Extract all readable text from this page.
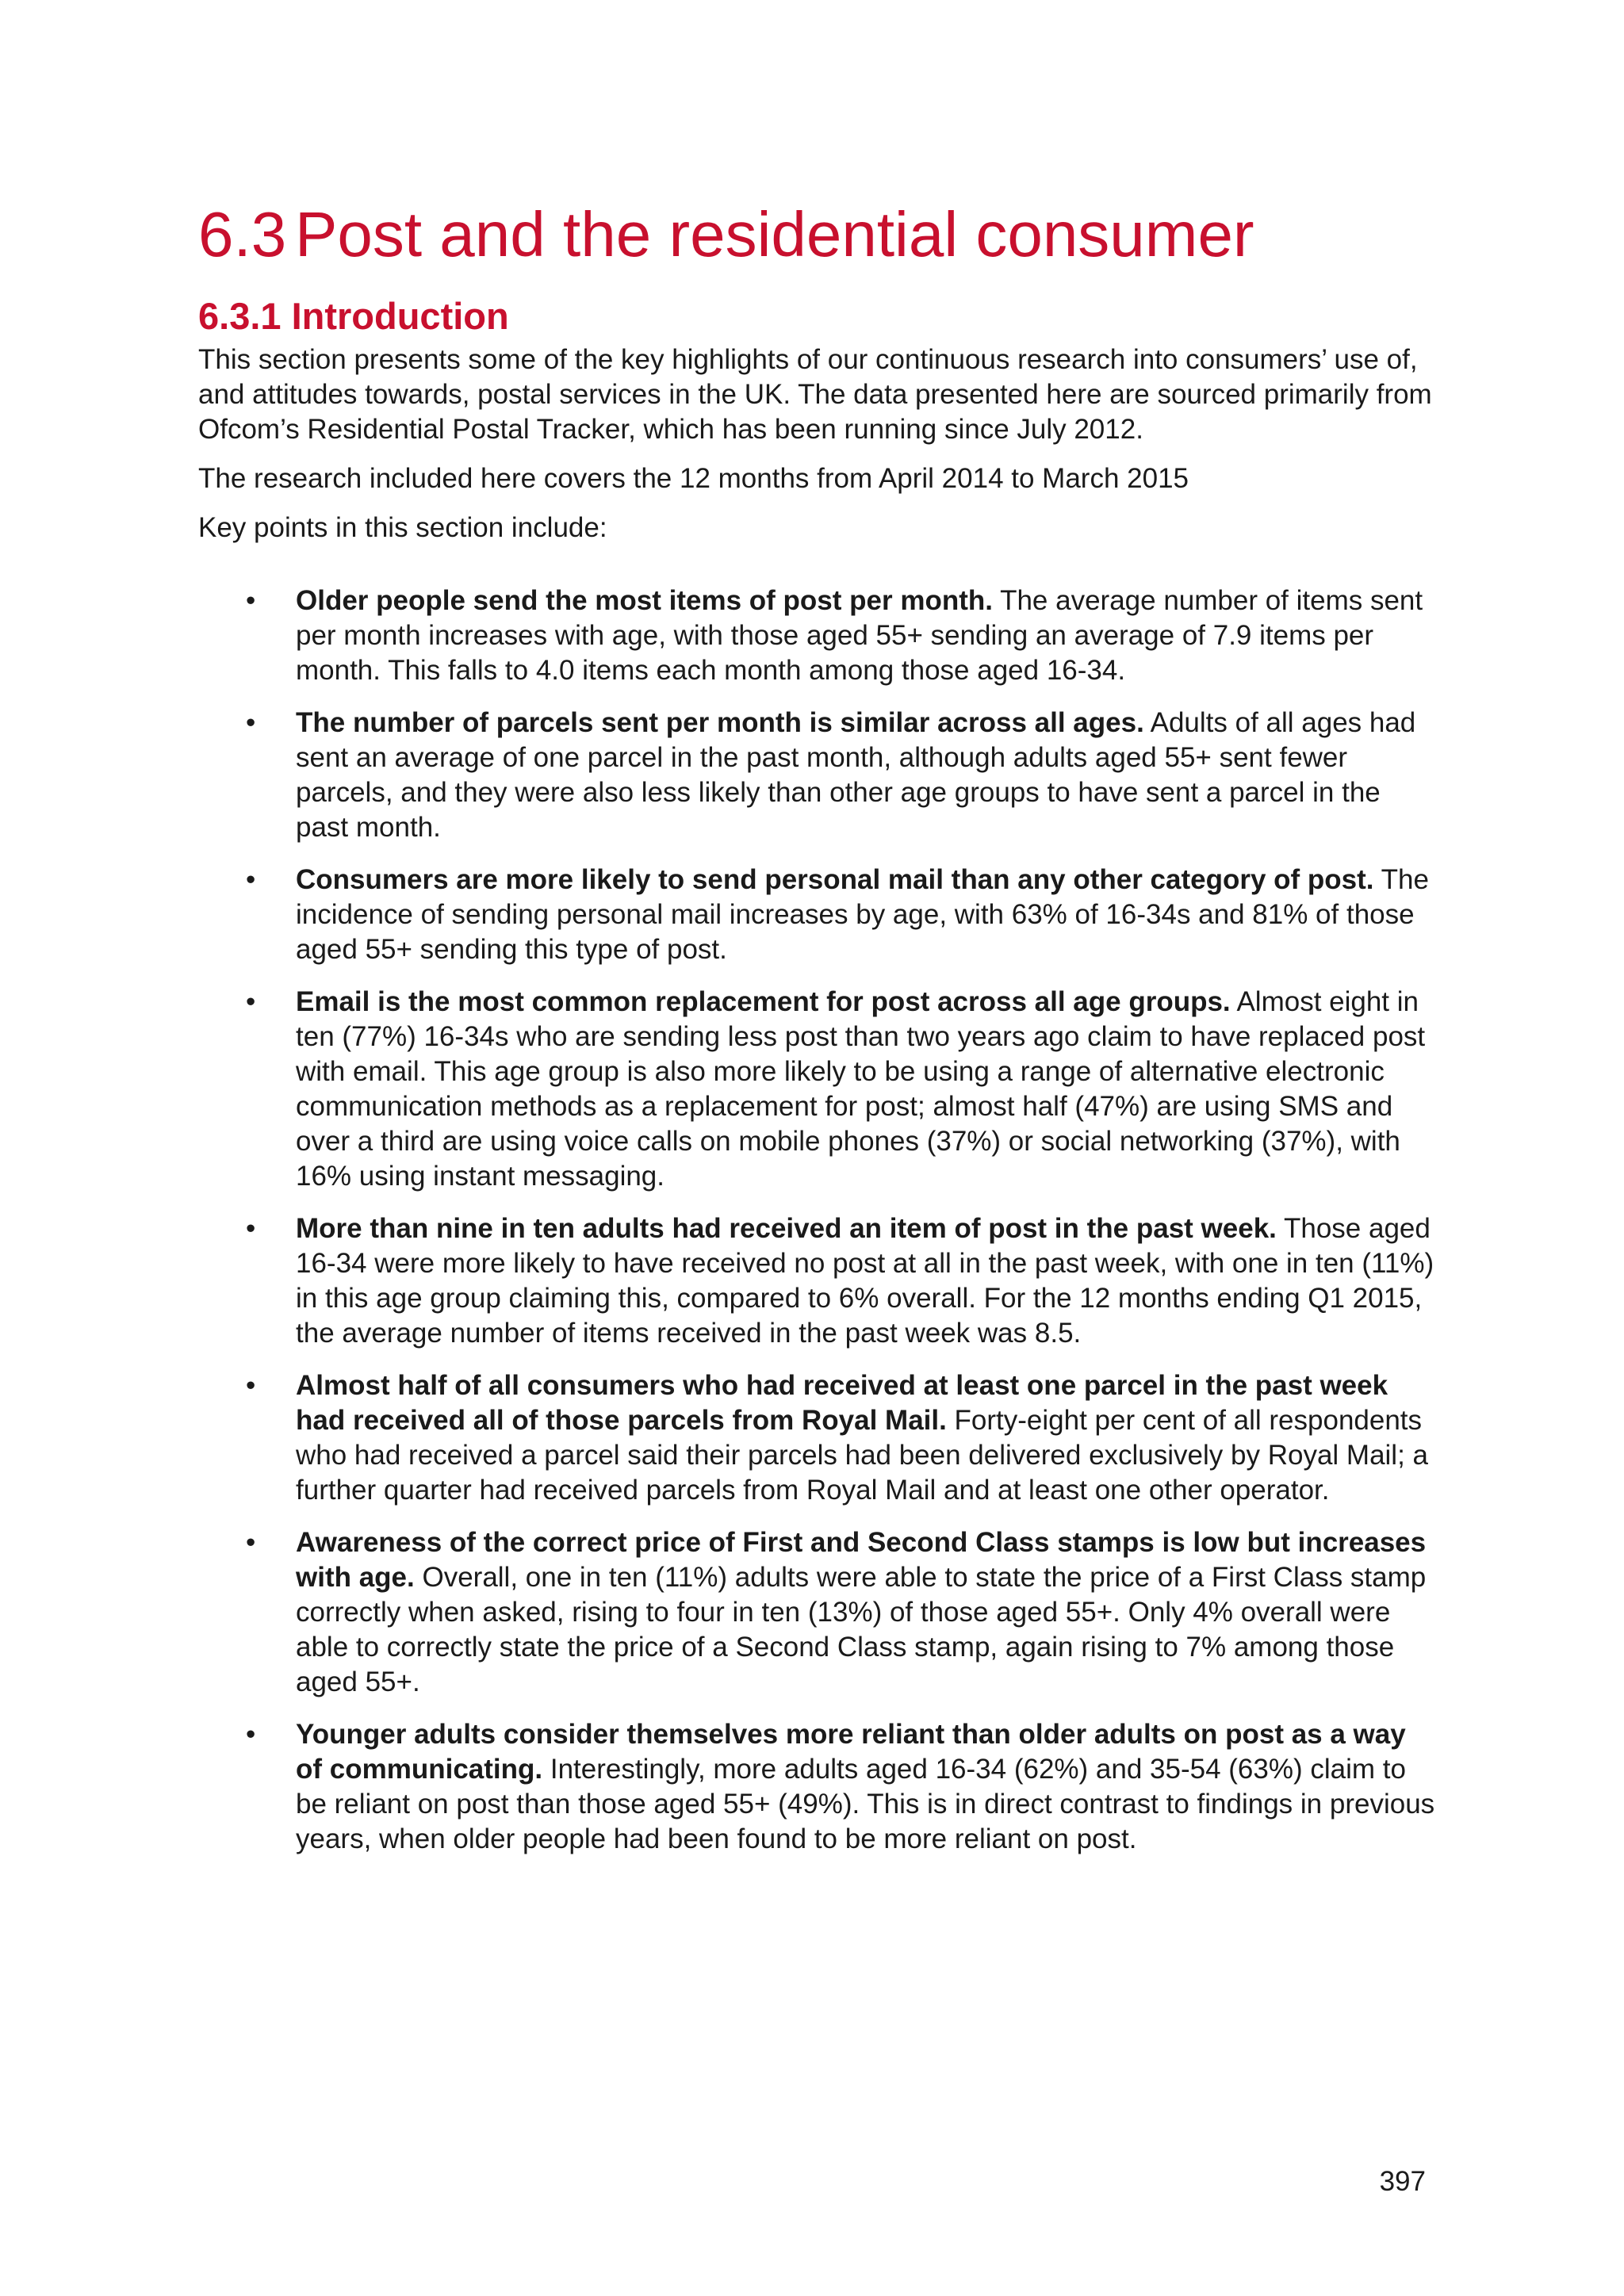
6.3 Post and the residential consumer
6.3.1 Introduction

This section presents some of the key highlights of our continuous research into consumers’ use of, and attitudes towards, postal services in the UK. The data presented here are sourced primarily from Ofcom’s Residential Postal Tracker, which has been running since July 2012.

The research included here covers the 12 months from April 2014 to March 2015

Key points in this section include:

• Older people send the most items of post per month. The average number of items sent per month increases with age, with those aged 55+ sending an average of 7.9 items per month. This falls to 4.0 items each month among those aged 16-34.
• The number of parcels sent per month is similar across all ages. Adults of all ages had sent an average of one parcel in the past month, although adults aged 55+ sent fewer parcels, and they were also less likely than other age groups to have sent a parcel in the past month.
• Consumers are more likely to send personal mail than any other category of post. The incidence of sending personal mail increases by age, with 63% of 16-34s and 81% of those aged 55+ sending this type of post.
• Email is the most common replacement for post across all age groups. Almost eight in ten (77%) 16-34s who are sending less post than two years ago claim to have replaced post with email. This age group is also more likely to be using a range of alternative electronic communication methods as a replacement for post; almost half (47%) are using SMS and over a third are using voice calls on mobile phones (37%) or social networking (37%), with 16% using instant messaging.
• More than nine in ten adults had received an item of post in the past week. Those aged 16-34 were more likely to have received no post at all in the past week, with one in ten (11%) in this age group claiming this, compared to 6% overall. For the 12 months ending Q1 2015, the average number of items received in the past week was 8.5.
• Almost half of all consumers who had received at least one parcel in the past week had received all of those parcels from Royal Mail. Forty-eight per cent of all respondents who had received a parcel said their parcels had been delivered exclusively by Royal Mail; a further quarter had received parcels from Royal Mail and at least one other operator.
• Awareness of the correct price of First and Second Class stamps is low but increases with age. Overall, one in ten (11%) adults were able to state the price of a First Class stamp correctly when asked, rising to four in ten (13%) of those aged 55+. Only 4% overall were able to correctly state the price of a Second Class stamp, again rising to 7% among those aged 55+.
• Younger adults consider themselves more reliant than older adults on post as a way of communicating. Interestingly, more adults aged 16-34 (62%) and 35-54 (63%) claim to be reliant on post than those aged 55+ (49%). This is in direct contrast to findings in previous years, when older people had been found to be more reliant on post.
397
